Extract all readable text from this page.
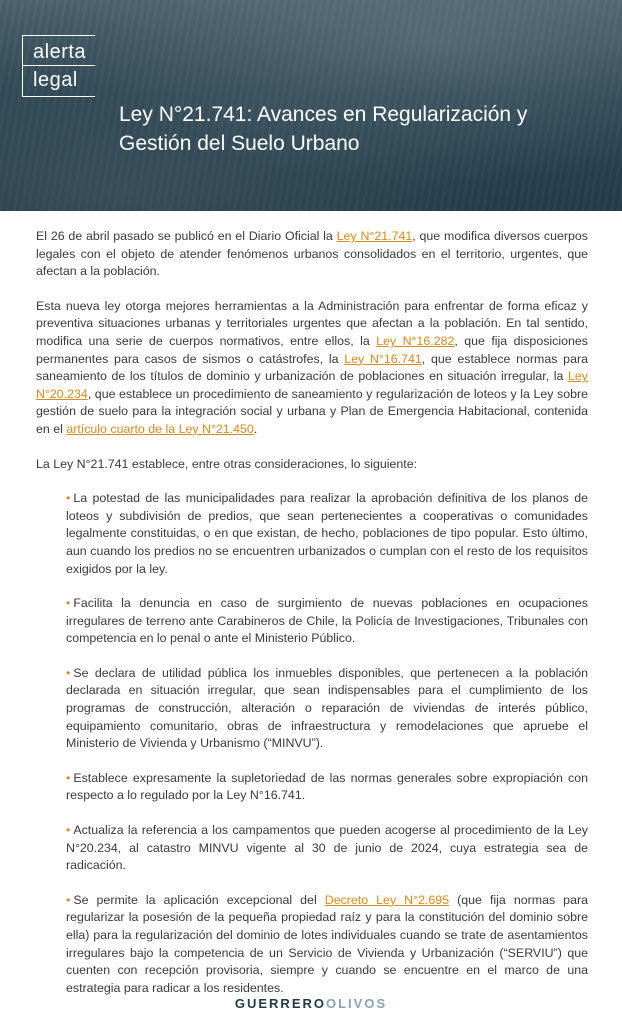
alerta
legal
Ley N°21.741: Avances en Regularización y Gestión del Suelo Urbano

El 26 de abril pasado se publicó en el Diario Oficial la Ley N°21.741, que modifica diversos cuerpos legales con el objeto de atender fenómenos urbanos consolidados en el territorio, urgentes, que afectan a la población.

Esta nueva ley otorga mejores herramientas a la Administración para enfrentar de forma eficaz y preventiva situaciones urbanas y territoriales urgentes que afectan a la población. En tal sentido, modifica una serie de cuerpos normativos, entre ellos, la Ley N°16.282, que fija disposiciones permanentes para casos de sismos o catástrofes, la Ley N°16.741, que establece normas para saneamiento de los títulos de dominio y urbanización de poblaciones en situación irregular, la Ley N°20.234, que establece un procedimiento de saneamiento y regularización de loteos y la Ley sobre gestión de suelo para la integración social y urbana y Plan de Emergencia Habitacional, contenida en el artículo cuarto de la Ley N°21.450.

La Ley N°21.741 establece, entre otras consideraciones, lo siguiente:

• La potestad de las municipalidades para realizar la aprobación definitiva de los planos de loteos y subdivisión de predios, que sean pertenecientes a cooperativas o comunidades legalmente constituidas, o en que existan, de hecho, poblaciones de tipo popular. Esto último, aun cuando los predios no se encuentren urbanizados o cumplan con el resto de los requisitos exigidos por la ley.

• Facilita la denuncia en caso de surgimiento de nuevas poblaciones en ocupaciones irregulares de terreno ante Carabineros de Chile, la Policía de Investigaciones, Tribunales con competencia en lo penal o ante el Ministerio Público.

• Se declara de utilidad pública los inmuebles disponibles, que pertenecen a la población declarada en situación irregular, que sean indispensables para el cumplimiento de los programas de construcción, alteración o reparación de viviendas de interés público, equipamiento comunitario, obras de infraestructura y remodelaciones que apruebe el Ministerio de Vivienda y Urbanismo (“MINVU”).

• Establece expresamente la supletoriedad de las normas generales sobre expropiación con respecto a lo regulado por la Ley N°16.741.

• Actualiza la referencia a los campamentos que pueden acogerse al procedimiento de la Ley N°20.234, al catastro MINVU vigente al 30 de junio de 2024, cuya estrategia sea de radicación.

• Se permite la aplicación excepcional del Decreto Ley N°2.695 (que fija normas para regularizar la posesión de la pequeña propiedad raíz y para la constitución del dominio sobre ella) para la regularización del dominio de lotes individuales cuando se trate de asentamientos irregulares bajo la competencia de un Servicio de Vivienda y Urbanización (“SERVIU”) que cuenten con recepción provisoria, siempre y cuando se encuentre en el marco de una estrategia para radicar a los residentes.

GUERREROOLIVOS
